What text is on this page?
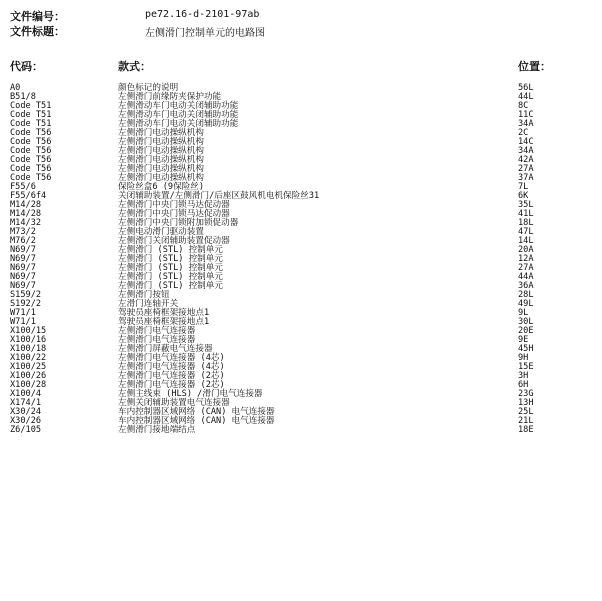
文件编号：	pe72.16-d-2101-97ab
文件标题：	左侧滑门控制单元的电路图
代码：	款式：	位置：
A0	颜色标记的说明	56L
B51/8	左侧滑门前缘防夹保护功能	44L
Code T51	左侧滑动车门电动关闭辅助功能	8C
Code T51	左侧滑动车门电动关闭辅助功能	11C
Code T51	左侧滑动车门电动关闭辅助功能	34A
Code T56	左侧滑门电动操纵机构	2C
Code T56	左侧滑门电动操纵机构	14C
Code T56	左侧滑门电动操纵机构	34A
Code T56	左侧滑门电动操纵机构	42A
Code T56	左侧滑门电动操纵机构	27A
Code T56	左侧滑门电动操纵机构	37A
F55/6	保险丝盒6 (9保险丝)	7L
F55/6f4	关闭辅助装置/左侧滑门/后座区鼓风机电机保险丝31	6K
M14/28	左侧滑门中央门锁马达促动器	35L
M14/28	左侧滑门中央门锁马达促动器	41L
M14/32	左侧滑门中央门锁附加锁促动器	18L
M73/2	左侧电动滑门驱动装置	47L
M76/2	左侧滑门关闭辅助装置促动器	14L
N69/7	左侧滑门 (STL) 控制单元	20A
N69/7	左侧滑门 (STL) 控制单元	12A
N69/7	左侧滑门 (STL) 控制单元	27A
N69/7	左侧滑门 (STL) 控制单元	44A
N69/7	左侧滑门 (STL) 控制单元	36A
S159/2	左侧滑门按钮	28L
S192/2	左滑门连轴开关	49L
W71/1	驾驶员座椅框架接地点1	9L
W71/1	驾驶员座椅框架接地点1	30L
X100/15	左侧滑门电气连接器	20E
X100/16	左侧滑门电气连接器	9E
X100/18	左侧滑门屏蔽电气连接器	45H
X100/22	左侧滑门电气连接器 (4芯)	9H
X100/25	左侧滑门电气连接器 (4芯)	15E
X100/26	左侧滑门电气连接器 (2芯)	3H
X100/28	左侧滑门电气连接器 (2芯)	6H
X100/4	左侧主线束 (HLS) /滑门电气连接器	23G
X174/1	左侧关闭辅助装置电气连接器	13H
X30/24	车内控制器区域网络 (CAN) 电气连接器	25L
X30/26	车内控制器区域网络 (CAN) 电气连接器	21L
Z6/105	左侧滑门接地端结点	18E
